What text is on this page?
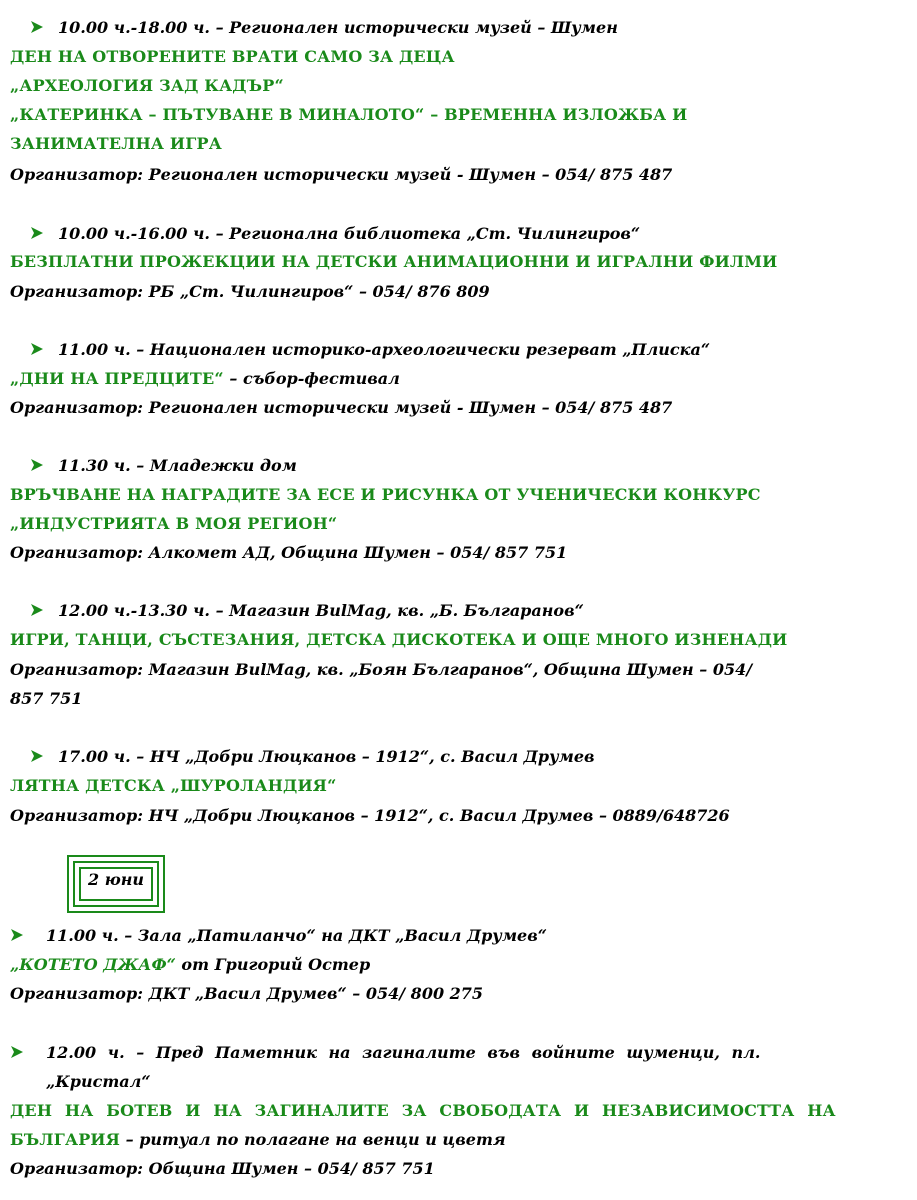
10.00 ч.-18.00 ч. – Регионален исторически музей – Шумен
ДЕН НА ОТВОРЕНИТЕ ВРАТИ САМО ЗА ДЕЦА
„АРХЕОЛОГИЯ ЗАД КАДЪР“
„КАТЕРИНКА – ПЪТУВАНЕ В МИНАЛОТО“ – ВРЕМЕННА ИЗЛОЖБА И
ЗАНИМАТЕЛНА ИГРА
Организатор: Регионален исторически музей - Шумен – 054/ 875 487
10.00 ч.-16.00 ч. – Регионална библиотека „Ст. Чилингиров“
БЕЗПЛАТНИ ПРОЖЕКЦИИ НА ДЕТСКИ АНИМАЦИОННИ И ИГРАЛНИ ФИЛМИ
Организатор: РБ „Ст. Чилингиров“ – 054/ 876 809
11.00 ч. – Национален историко-археологически резерват „Плиска“
„ДНИ НА ПРЕДЦИТЕ“ – събор-фестивал
Организатор: Регионален исторически музей - Шумен – 054/ 875 487
11.30 ч. – Младежки дом
ВРЪЧВАНЕ НА НАГРАДИТЕ ЗА ЕСЕ И РИСУНКА ОТ УЧЕНИЧЕСКИ КОНКУРС
„ИНДУСТРИЯТА В МОЯ РЕГИОН“
Организатор: Алкомет АД, Община Шумен – 054/ 857 751
12.00 ч.-13.30 ч. – Магазин BulMag, кв. „Б. Българанов“
ИГРИ, ТАНЦИ, СЪСТЕЗАНИЯ, ДЕТСКА ДИСКОТЕКА И ОЩЕ МНОГО ИЗНЕНАДИ
Организатор: Магазин BulMag, кв. „Боян Българанов“, Община Шумен – 054/
857 751
17.00 ч. – НЧ „Добри Люцканов – 1912“, с. Васил Друмев
ЛЯТНА ДЕТСКА „ШУРОЛАНДИЯ“
Организатор: НЧ „Добри Люцканов – 1912“, с. Васил Друмев – 0889/648726
2 юни
11.00 ч. – Зала „Патиланчо“ на ДКТ „Васил Друмев“
„КОТЕТО ДЖАФ“ от Григорий Остер
Организатор: ДКТ „Васил Друмев“ – 054/ 800 275
12.00 ч. – Пред Паметник на загиналите във войните шуменци, пл.
„Кристал“
ДЕН НА БОТЕВ И НА ЗАГИНАЛИТЕ ЗА СВОБОДАТА И НЕЗАВИСИМОСТТА НА
БЪЛГАРИЯ – ритуал по полагане на венци и цветя
Организатор: Община Шумен – 054/ 857 751
